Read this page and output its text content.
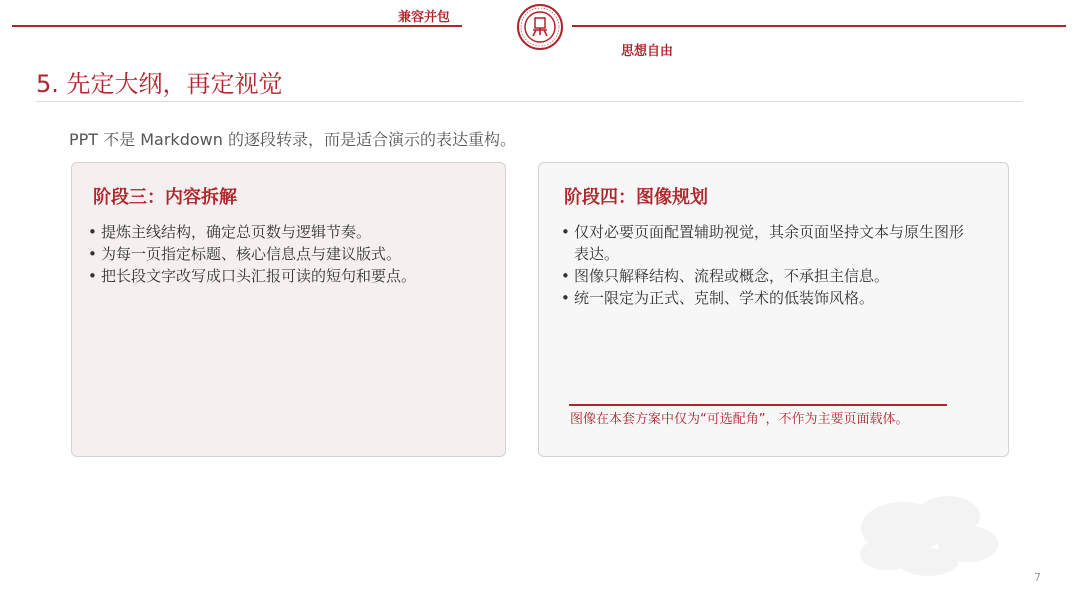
兼容并包
思想自由
5. 先定大纲，再定视觉
PPT 不是 Markdown 的逐段转录，而是适合演示的表达重构。
阶段三：内容拆解
• 提炼主线结构，确定总页数与逻辑节奏。
• 为每一页指定标题、核心信息点与建议版式。
• 把长段文字改写成口头汇报可读的短句和要点。
阶段四：图像规划
• 仅对必要页面配置辅助视觉，其余页面坚持文本与原生图形表达。
• 图像只解释结构、流程或概念，不承担主信息。
• 统一限定为正式、克制、学术的低装饰风格。
图像在本套方案中仅为“可选配角”，不作为主要页面载体。
7
